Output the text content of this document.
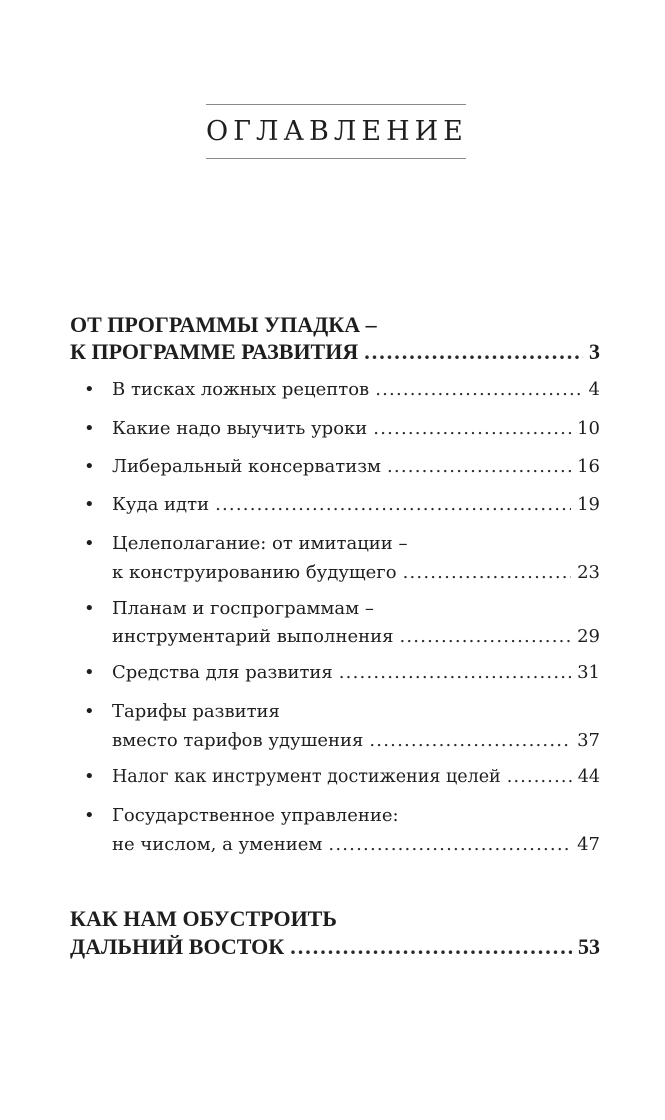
ОГЛАВЛЕНИЕ
ОТ ПРОГРАММЫ УПАДКА –
К ПРОГРАММЕ РАЗВИТИЯ .....	3
• В тисках ложных рецептов .....	4
• Какие надо выучить уроки .....	10
• Либеральный консерватизм .....	16
• Куда идти .....	19
• Целеполагание: от имитации –
к конструированию будущего .....	23
• Планам и госпрограммам –
инструментарий выполнения .....	29
• Средства для развития .....	31
• Тарифы развития
вместо тарифов удушения .....	37
• Налог как инструмент достижения целей .....	44
• Государственное управление:
не числом, а умением .....	47
КАК НАМ ОБУСТРОИТЬ
ДАЛЬНИЙ ВОСТОК .....	53
